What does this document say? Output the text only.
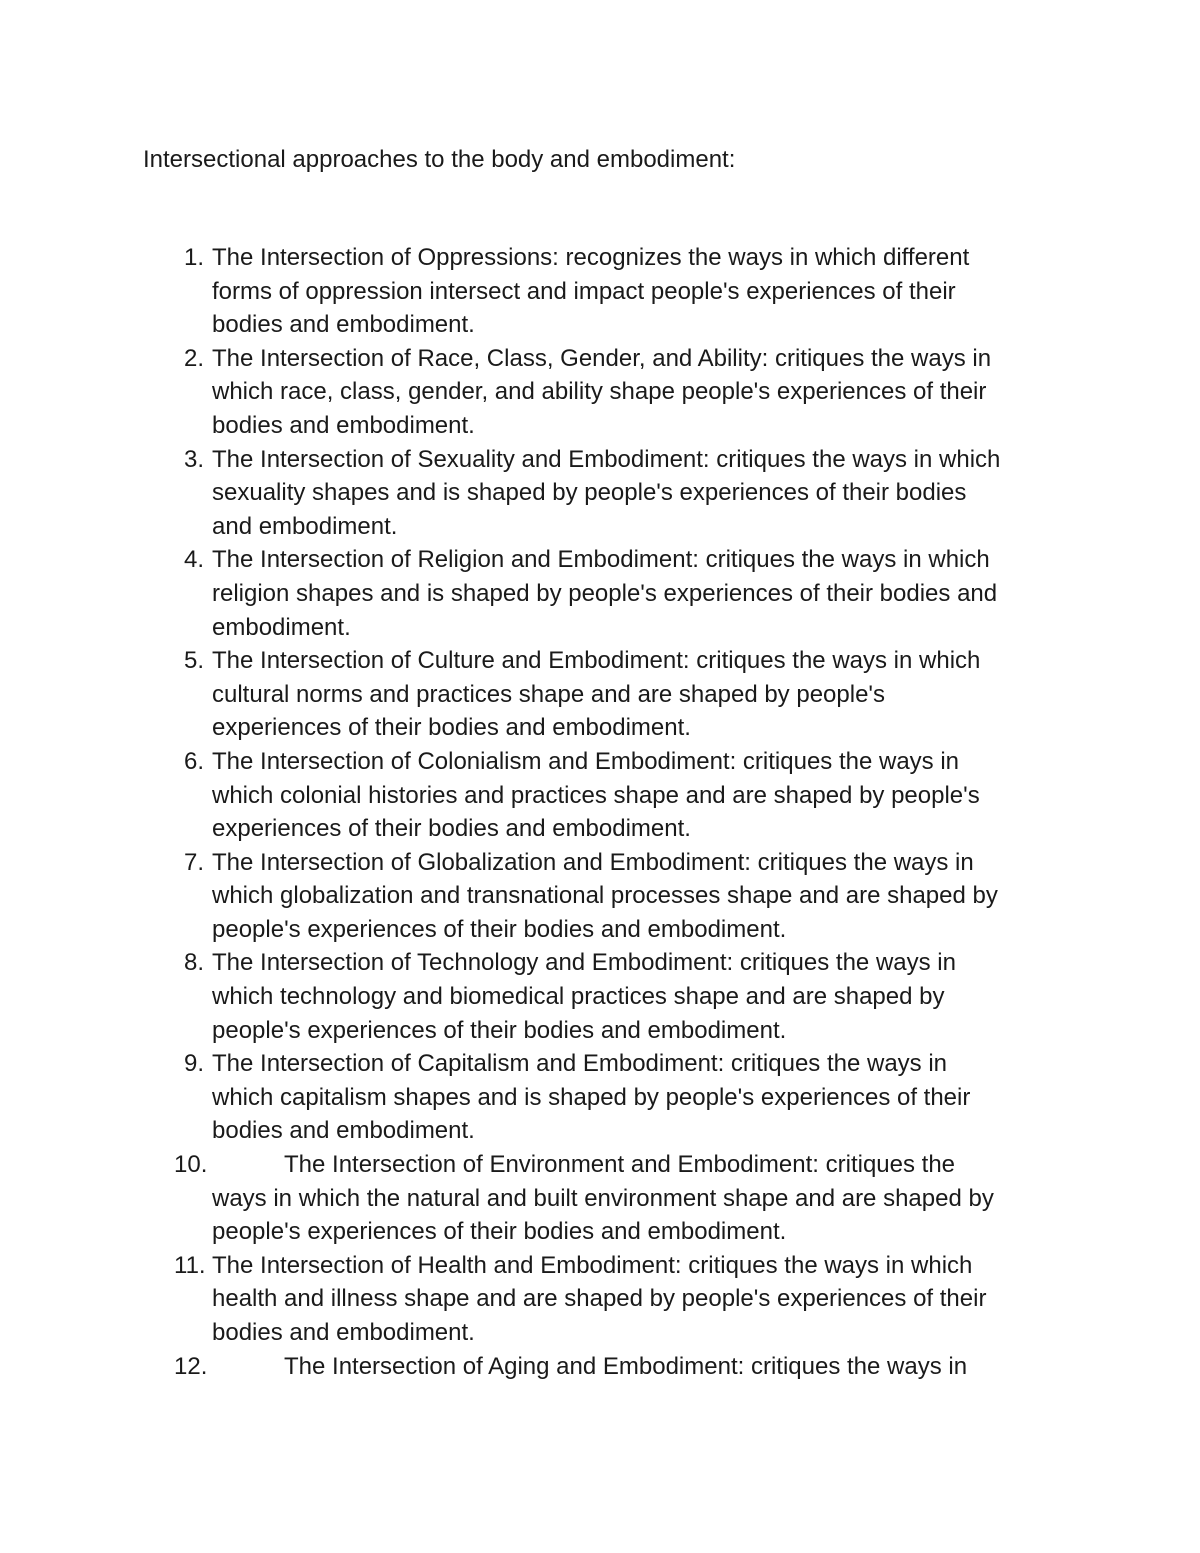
Intersectional approaches to the body and embodiment:
1. The Intersection of Oppressions: recognizes the ways in which different
forms of oppression intersect and impact people's experiences of their
bodies and embodiment.
2. The Intersection of Race, Class, Gender, and Ability: critiques the ways in
which race, class, gender, and ability shape people's experiences of their
bodies and embodiment.
3. The Intersection of Sexuality and Embodiment: critiques the ways in which
sexuality shapes and is shaped by people's experiences of their bodies
and embodiment.
4. The Intersection of Religion and Embodiment: critiques the ways in which
religion shapes and is shaped by people's experiences of their bodies and
embodiment.
5. The Intersection of Culture and Embodiment: critiques the ways in which
cultural norms and practices shape and are shaped by people's
experiences of their bodies and embodiment.
6. The Intersection of Colonialism and Embodiment: critiques the ways in
which colonial histories and practices shape and are shaped by people's
experiences of their bodies and embodiment.
7. The Intersection of Globalization and Embodiment: critiques the ways in
which globalization and transnational processes shape and are shaped by
people's experiences of their bodies and embodiment.
8. The Intersection of Technology and Embodiment: critiques the ways in
which technology and biomedical practices shape and are shaped by
people's experiences of their bodies and embodiment.
9. The Intersection of Capitalism and Embodiment: critiques the ways in
which capitalism shapes and is shaped by people's experiences of their
bodies and embodiment.
10.	The Intersection of Environment and Embodiment: critiques the
ways in which the natural and built environment shape and are shaped by
people's experiences of their bodies and embodiment.
11. The Intersection of Health and Embodiment: critiques the ways in which
health and illness shape and are shaped by people's experiences of their
bodies and embodiment.
12.	The Intersection of Aging and Embodiment: critiques the ways in
